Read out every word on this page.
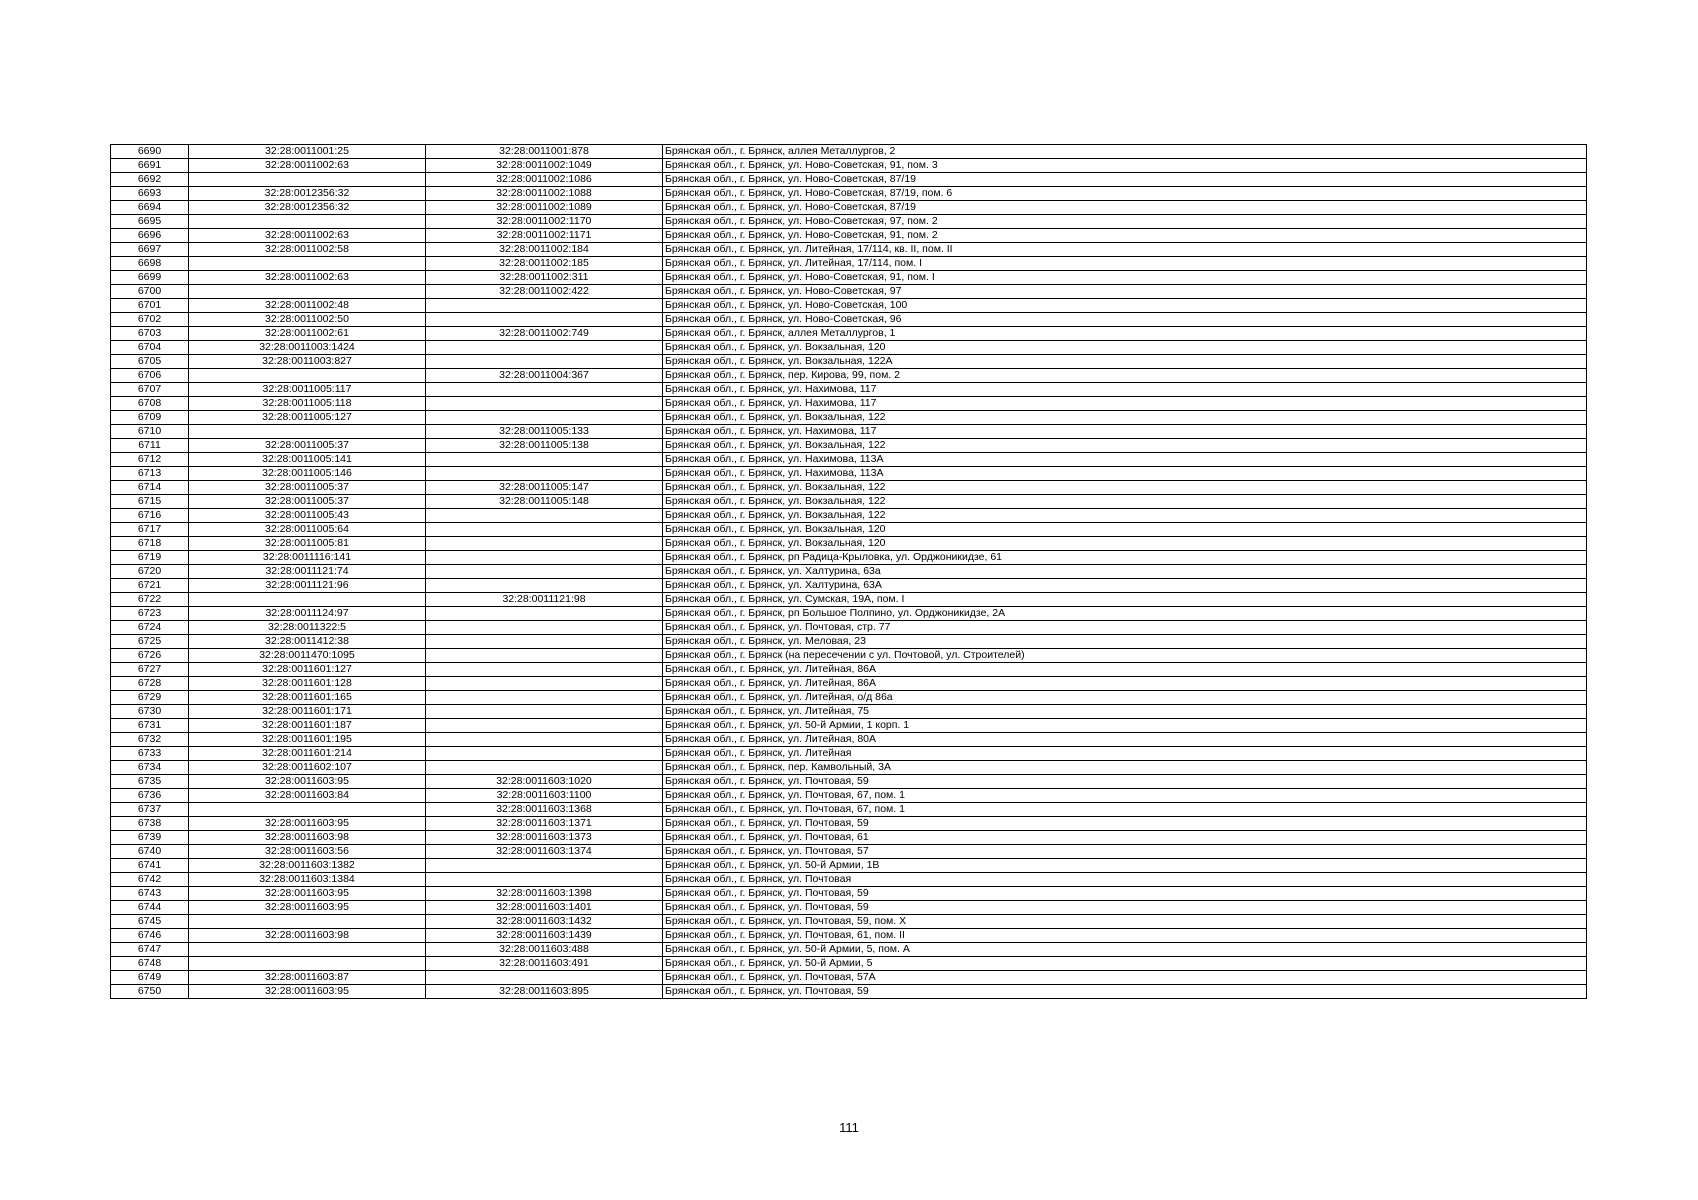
6690	32:28:0011001:25	32:28:0011001:878	Брянская обл., г. Брянск, аллея Металлургов, 2
6691	32:28:0011002:63	32:28:0011002:1049	Брянская обл., г. Брянск, ул. Ново-Советская, 91, пом. 3
6692		32:28:0011002:1086	Брянская обл., г. Брянск, ул. Ново-Советская, 87/19
6693	32:28:0012356:32	32:28:0011002:1088	Брянская обл., г. Брянск, ул. Ново-Советская, 87/19, пом. 6
6694	32:28:0012356:32	32:28:0011002:1089	Брянская обл., г. Брянск, ул. Ново-Советская, 87/19
6695		32:28:0011002:1170	Брянская обл., г. Брянск, ул. Ново-Советская, 97, пом. 2
6696	32:28:0011002:63	32:28:0011002:1171	Брянская обл., г. Брянск, ул. Ново-Советская, 91, пом. 2
6697	32:28:0011002:58	32:28:0011002:184	Брянская обл., г. Брянск, ул. Литейная, 17/114, кв. II, пом. II
6698		32:28:0011002:185	Брянская обл., г. Брянск, ул. Литейная, 17/114, пом. I
6699	32:28:0011002:63	32:28:0011002:311	Брянская обл., г. Брянск, ул. Ново-Советская, 91, пом. I
6700		32:28:0011002:422	Брянская обл., г. Брянск, ул. Ново-Советская, 97
6701	32:28:0011002:48		Брянская обл., г. Брянск, ул. Ново-Советская, 100
6702	32:28:0011002:50		Брянская обл., г. Брянск, ул. Ново-Советская, 96
6703	32:28:0011002:61	32:28:0011002:749	Брянская обл., г. Брянск, аллея Металлургов, 1
6704	32:28:0011003:1424		Брянская обл., г. Брянск, ул. Вокзальная, 120
6705	32:28:0011003:827		Брянская обл., г. Брянск, ул. Вокзальная, 122А
6706		32:28:0011004:367	Брянская обл., г. Брянск, пер. Кирова, 99, пом. 2
6707	32:28:0011005:117		Брянская обл., г. Брянск, ул. Нахимова, 117
6708	32:28:0011005:118		Брянская обл., г. Брянск, ул. Нахимова, 117
6709	32:28:0011005:127		Брянская обл., г. Брянск, ул. Вокзальная, 122
6710		32:28:0011005:133	Брянская обл., г. Брянск, ул. Нахимова, 117
6711	32:28:0011005:37	32:28:0011005:138	Брянская обл., г. Брянск, ул. Вокзальная, 122
6712	32:28:0011005:141		Брянская обл., г. Брянск, ул. Нахимова, 113А
6713	32:28:0011005:146		Брянская обл., г. Брянск, ул. Нахимова, 113А
6714	32:28:0011005:37	32:28:0011005:147	Брянская обл., г. Брянск, ул. Вокзальная, 122
6715	32:28:0011005:37	32:28:0011005:148	Брянская обл., г. Брянск, ул. Вокзальная, 122
6716	32:28:0011005:43		Брянская обл., г. Брянск, ул. Вокзальная, 122
6717	32:28:0011005:64		Брянская обл., г. Брянск, ул. Вокзальная, 120
6718	32:28:0011005:81		Брянская обл., г. Брянск, ул. Вокзальная, 120
6719	32:28:0011116:141		Брянская обл., г. Брянск, рп Радица-Крыловка, ул. Орджоникидзе, 61
6720	32:28:0011121:74		Брянская обл., г. Брянск, ул. Халтурина, 63а
6721	32:28:0011121:96		Брянская обл., г. Брянск, ул. Халтурина, 63А
6722		32:28:0011121:98	Брянская обл., г. Брянск, ул. Сумская, 19А, пом. I
6723	32:28:0011124:97		Брянская обл., г. Брянск, рп Большое Полпино, ул. Орджоникидзе, 2А
6724	32:28:0011322:5		Брянская обл., г. Брянск, ул. Почтовая, стр. 77
6725	32:28:0011412:38		Брянская обл., г. Брянск, ул. Меловая, 23
6726	32:28:0011470:1095		Брянская обл., г. Брянск (на пересечении с ул. Почтовой, ул. Строителей)
6727	32:28:0011601:127		Брянская обл., г. Брянск, ул. Литейная, 86А
6728	32:28:0011601:128		Брянская обл., г. Брянск, ул. Литейная, 86А
6729	32:28:0011601:165		Брянская обл., г. Брянск, ул. Литейная, о/д 86а
6730	32:28:0011601:171		Брянская обл., г. Брянск, ул. Литейная, 75
6731	32:28:0011601:187		Брянская обл., г. Брянск, ул. 50-й Армии, 1 корп. 1
6732	32:28:0011601:195		Брянская обл., г. Брянск, ул. Литейная, 80А
6733	32:28:0011601:214		Брянская обл., г. Брянск, ул. Литейная
6734	32:28:0011602:107		Брянская обл., г. Брянск, пер. Камвольный, 3А
6735	32:28:0011603:95	32:28:0011603:1020	Брянская обл., г. Брянск, ул. Почтовая, 59
6736	32:28:0011603:84	32:28:0011603:1100	Брянская обл., г. Брянск, ул. Почтовая, 67, пом. 1
6737		32:28:0011603:1368	Брянская обл., г. Брянск, ул. Почтовая, 67, пом. 1
6738	32:28:0011603:95	32:28:0011603:1371	Брянская обл., г. Брянск, ул. Почтовая, 59
6739	32:28:0011603:98	32:28:0011603:1373	Брянская обл., г. Брянск, ул. Почтовая, 61
6740	32:28:0011603:56	32:28:0011603:1374	Брянская обл., г. Брянск, ул. Почтовая, 57
6741	32:28:0011603:1382		Брянская обл., г. Брянск, ул. 50-й Армии, 1В
6742	32:28:0011603:1384		Брянская обл., г. Брянск, ул. Почтовая
6743	32:28:0011603:95	32:28:0011603:1398	Брянская обл., г. Брянск, ул. Почтовая, 59
6744	32:28:0011603:95	32:28:0011603:1401	Брянская обл., г. Брянск, ул. Почтовая, 59
6745		32:28:0011603:1432	Брянская обл., г. Брянск, ул. Почтовая, 59, пом. X
6746	32:28:0011603:98	32:28:0011603:1439	Брянская обл., г. Брянск, ул. Почтовая, 61, пом. II
6747		32:28:0011603:488	Брянская обл., г. Брянск, ул. 50-й Армии, 5, пом. А
6748		32:28:0011603:491	Брянская обл., г. Брянск, ул. 50-й Армии, 5
6749	32:28:0011603:87		Брянская обл., г. Брянск, ул. Почтовая, 57А
6750	32:28:0011603:95	32:28:0011603:895	Брянская обл., г. Брянск, ул. Почтовая, 59
111
